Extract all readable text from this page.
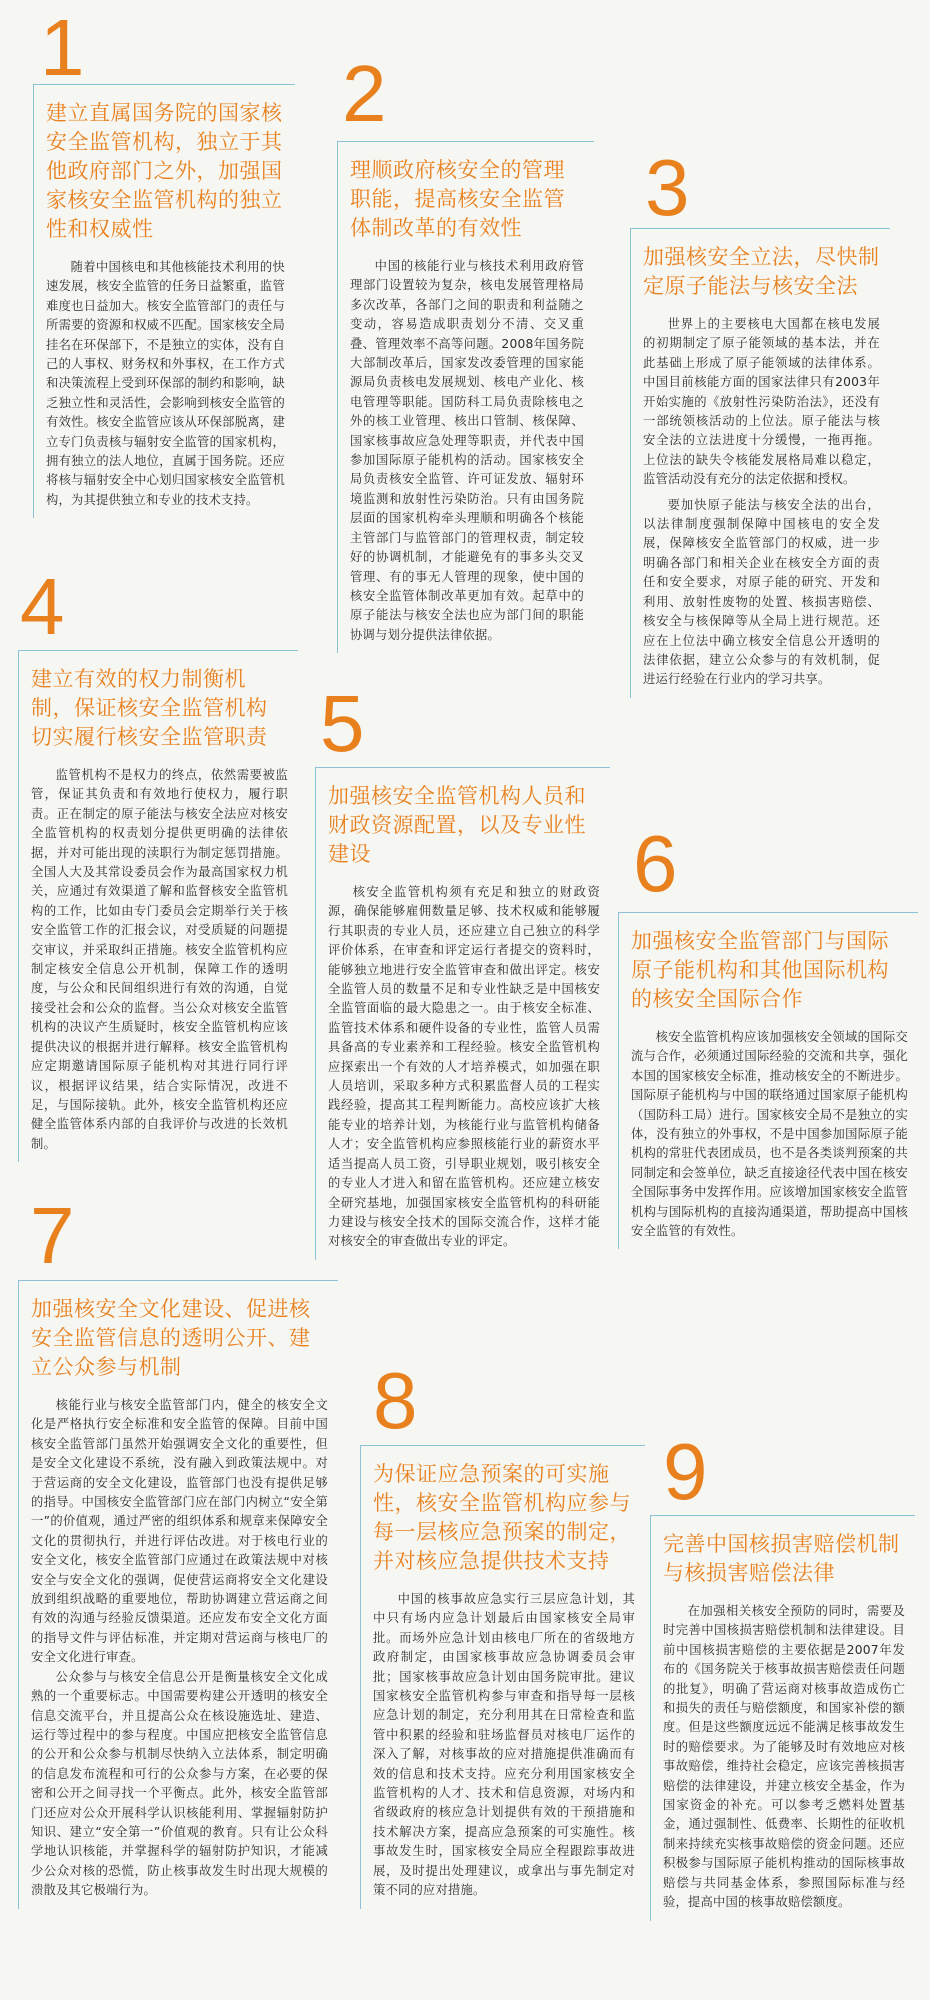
1
建立直属国务院的国家核安全监管机构，独立于其他政府部门之外，加强国家核安全监管机构的独立性和权威性

随着中国核电和其他核能技术利用的快速发展，核安全监管的任务日益繁重，监管难度也日益加大。核安全监管部门的责任与所需要的资源和权威不匹配。国家核安全局挂名在环保部下，不是独立的实体，没有自己的人事权、财务权和外事权，在工作方式和决策流程上受到环保部的制约和影响，缺乏独立性和灵活性，会影响到核安全监管的有效性。核安全监管应该从环保部脱离，建立专门负责核与辐射安全监管的国家机构，拥有独立的法人地位，直属于国务院。还应将核与辐射安全中心划归国家核安全监管机构，为其提供独立和专业的技术支持。

2
理顺政府核安全的管理职能，提高核安全监管体制改革的有效性

中国的核能行业与核技术利用政府管理部门设置较为复杂，核电发展管理格局多次改革，各部门之间的职责和利益随之变动，容易造成职责划分不清、交叉重叠、管理效率不高等问题。2008年国务院大部制改革后，国家发改委管理的国家能源局负责核电发展规划、核电产业化、核电管理等职能。国防科工局负责除核电之外的核工业管理、核出口管制、核保障、国家核事故应急处理等职责，并代表中国参加国际原子能机构的活动。国家核安全局负责核安全监管、许可证发放、辐射环境监测和放射性污染防治。只有由国务院层面的国家机构牵头理顺和明确各个核能主管部门与监管部门的管理权责，制定较好的协调机制，才能避免有的事多头交叉管理、有的事无人管理的现象，使中国的核安全监管体制改革更加有效。起草中的原子能法与核安全法也应为部门间的职能协调与划分提供法律依据。

3
加强核安全立法，尽快制定原子能法与核安全法

世界上的主要核电大国都在核电发展的初期制定了原子能领域的基本法，并在此基础上形成了原子能领域的法律体系。中国目前核能方面的国家法律只有2003年开始实施的《放射性污染防治法》，还没有一部统领核活动的上位法。原子能法与核安全法的立法进度十分缓慢，一拖再拖。上位法的缺失令核能发展格局难以稳定，监管活动没有充分的法定依据和授权。

要加快原子能法与核安全法的出台，以法律制度强制保障中国核电的安全发展，保障核安全监管部门的权威，进一步明确各部门和相关企业在核安全方面的责任和安全要求，对原子能的研究、开发和利用、放射性废物的处置、核损害赔偿、核安全与核保障等从全局上进行规范。还应在上位法中确立核安全信息公开透明的法律依据，建立公众参与的有效机制，促进运行经验在行业内的学习共享。

4
建立有效的权力制衡机制，保证核安全监管机构切实履行核安全监管职责

监管机构不是权力的终点，依然需要被监管，保证其负责和有效地行使权力，履行职责。正在制定的原子能法与核安全法应对核安全监管机构的权责划分提供更明确的法律依据，并对可能出现的渎职行为制定惩罚措施。全国人大及其常设委员会作为最高国家权力机关，应通过有效渠道了解和监督核安全监管机构的工作，比如由专门委员会定期举行关于核安全监管工作的汇报会议，对受质疑的问题提交审议，并采取纠正措施。核安全监管机构应制定核安全信息公开机制，保障工作的透明度，与公众和民间组织进行有效的沟通，自觉接受社会和公众的监督。当公众对核安全监管机构的决议产生质疑时，核安全监管机构应该提供决议的根据并进行解释。核安全监管机构应定期邀请国际原子能机构对其进行同行评议，根据评议结果，结合实际情况，改进不足，与国际接轨。此外，核安全监管机构还应健全监管体系内部的自我评价与改进的长效机制。

5
加强核安全监管机构人员和财政资源配置，以及专业性建设

核安全监管机构须有充足和独立的财政资源，确保能够雇佣数量足够、技术权威和能够履行其职责的专业人员，还应建立自己独立的科学评价体系，在审查和评定运行者提交的资料时，能够独立地进行安全监管审查和做出评定。核安全监管人员的数量不足和专业性缺乏是中国核安全监管面临的最大隐患之一。由于核安全标准、监管技术体系和硬件设备的专业性，监管人员需具备高的专业素养和工程经验。核安全监管机构应探索出一个有效的人才培养模式，如加强在职人员培训，采取多种方式积累监督人员的工程实践经验，提高其工程判断能力。高校应该扩大核能专业的培养计划，为核能行业与监管机构储备人才；安全监管机构应参照核能行业的薪资水平适当提高人员工资，引导职业规划，吸引核安全的专业人才进入和留在监管机构。还应建立核安全研究基地，加强国家核安全监管机构的科研能力建设与核安全技术的国际交流合作，这样才能对核安全的审查做出专业的评定。

6
加强核安全监管部门与国际原子能机构和其他国际机构的核安全国际合作

核安全监管机构应该加强核安全领域的国际交流与合作，必须通过国际经验的交流和共享，强化本国的国家核安全标准，推动核安全的不断进步。国际原子能机构与中国的联络通过国家原子能机构（国防科工局）进行。国家核安全局不是独立的实体，没有独立的外事权，不是中国参加国际原子能机构的常驻代表团成员，也不是各类谈判预案的共同制定和会签单位，缺乏直接途径代表中国在核安全国际事务中发挥作用。应该增加国家核安全监管机构与国际机构的直接沟通渠道，帮助提高中国核安全监管的有效性。

7
加强核安全文化建设、促进核安全监管信息的透明公开、建立公众参与机制

核能行业与核安全监管部门内，健全的核安全文化是严格执行安全标准和安全监管的保障。目前中国核安全监管部门虽然开始强调安全文化的重要性，但是安全文化建设不系统，没有融入到政策法规中。对于营运商的安全文化建设，监管部门也没有提供足够的指导。中国核安全监管部门应在部门内树立“安全第一”的价值观，通过严密的组织体系和规章来保障安全文化的贯彻执行，并进行评估改进。对于核电行业的安全文化，核安全监管部门应通过在政策法规中对核安全与安全文化的强调，促使营运商将安全文化建设放到组织战略的重要地位，帮助协调建立营运商之间有效的沟通与经验反馈渠道。还应发布安全文化方面的指导文件与评估标准，并定期对营运商与核电厂的安全文化进行审查。

公众参与与核安全信息公开是衡量核安全文化成熟的一个重要标志。中国需要构建公开透明的核安全信息交流平台，并且提高公众在核设施选址、建造、运行等过程中的参与程度。中国应把核安全监管信息的公开和公众参与机制尽快纳入立法体系，制定明确的信息发布流程和可行的公众参与方案，在必要的保密和公开之间寻找一个平衡点。此外，核安全监管部门还应对公众开展科学认识核能利用、掌握辐射防护知识、建立“安全第一”价值观的教育。只有让公众科学地认识核能，并掌握科学的辐射防护知识，才能减少公众对核的恐慌，防止核事故发生时出现大规模的溃散及其它极端行为。

8
为保证应急预案的可实施性，核安全监管机构应参与每一层核应急预案的制定，并对核应急提供技术支持

中国的核事故应急实行三层应急计划，其中只有场内应急计划最后由国家核安全局审批。而场外应急计划由核电厂所在的省级地方政府制定，由国家核事故应急协调委员会审批；国家核事故应急计划由国务院审批。建议国家核安全监管机构参与审查和指导每一层核应急计划的制定，充分利用其在日常检查和监管中积累的经验和驻场监督员对核电厂运作的深入了解，对核事故的应对措施提供准确而有效的信息和技术支持。应充分利用国家核安全监管机构的人才、技术和信息资源，对场内和省级政府的核应急计划提供有效的干预措施和技术解决方案，提高应急预案的可实施性。核事故发生时，国家核安全局应全程跟踪事故进展，及时提出处理建议，或拿出与事先制定对策不同的应对措施。

9
完善中国核损害赔偿机制与核损害赔偿法律

在加强相关核安全预防的同时，需要及时完善中国核损害赔偿机制和法律建设。目前中国核损害赔偿的主要依据是2007年发布的《国务院关于核事故损害赔偿责任问题的批复》，明确了营运商对核事故造成伤亡和损失的责任与赔偿额度，和国家补偿的额度。但是这些额度远远不能满足核事故发生时的赔偿要求。为了能够及时有效地应对核事故赔偿，维持社会稳定，应该完善核损害赔偿的法律建设，并建立核安全基金，作为国家资金的补充。可以参考乏燃料处置基金，通过强制性、低费率、长期性的征收机制来持续充实核事故赔偿的资金问题。还应积极参与国际原子能机构推动的国际核事故赔偿与共同基金体系，参照国际标准与经验，提高中国的核事故赔偿额度。
